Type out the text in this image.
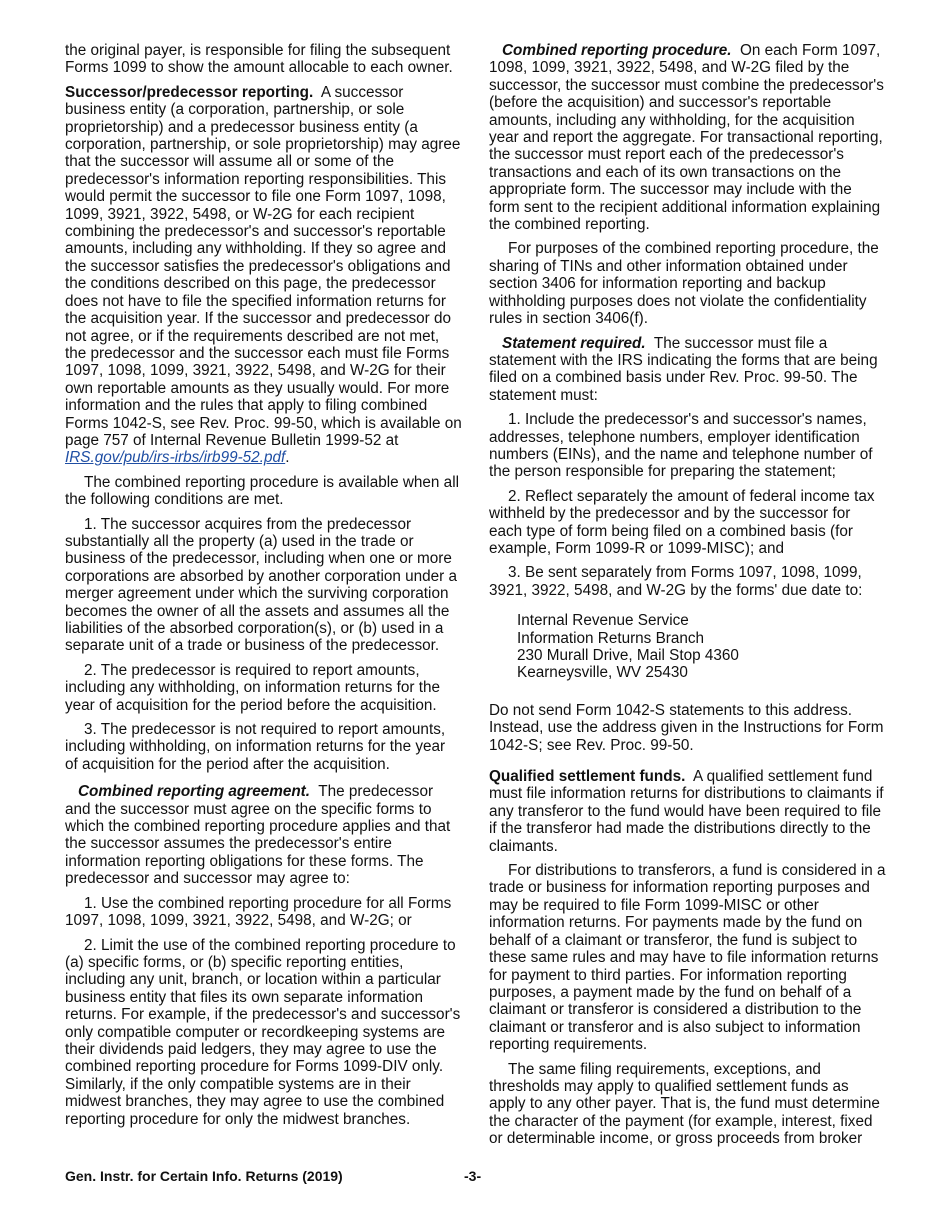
the original payer, is responsible for filing the subsequent Forms 1099 to show the amount allocable to each owner.

Successor/predecessor reporting. A successor business entity (a corporation, partnership, or sole proprietorship) and a predecessor business entity (a corporation, partnership, or sole proprietorship) may agree that the successor will assume all or some of the predecessor's information reporting responsibilities. This would permit the successor to file one Form 1097, 1098, 1099, 3921, 3922, 5498, or W-2G for each recipient combining the predecessor's and successor's reportable amounts, including any withholding. If they so agree and the successor satisfies the predecessor's obligations and the conditions described on this page, the predecessor does not have to file the specified information returns for the acquisition year. If the successor and predecessor do not agree, or if the requirements described are not met, the predecessor and the successor each must file Forms 1097, 1098, 1099, 3921, 3922, 5498, and W-2G for their own reportable amounts as they usually would. For more information and the rules that apply to filing combined Forms 1042-S, see Rev. Proc. 99-50, which is available on page 757 of Internal Revenue Bulletin 1999-52 at IRS.gov/pub/irs-irbs/irb99-52.pdf.

The combined reporting procedure is available when all the following conditions are met.

1. The successor acquires from the predecessor substantially all the property (a) used in the trade or business of the predecessor, including when one or more corporations are absorbed by another corporation under a merger agreement under which the surviving corporation becomes the owner of all the assets and assumes all the liabilities of the absorbed corporation(s), or (b) used in a separate unit of a trade or business of the predecessor.

2. The predecessor is required to report amounts, including any withholding, on information returns for the year of acquisition for the period before the acquisition.

3. The predecessor is not required to report amounts, including withholding, on information returns for the year of acquisition for the period after the acquisition.

Combined reporting agreement. The predecessor and the successor must agree on the specific forms to which the combined reporting procedure applies and that the successor assumes the predecessor's entire information reporting obligations for these forms. The predecessor and successor may agree to:

1. Use the combined reporting procedure for all Forms 1097, 1098, 1099, 3921, 3922, 5498, and W-2G; or

2. Limit the use of the combined reporting procedure to (a) specific forms, or (b) specific reporting entities, including any unit, branch, or location within a particular business entity that files its own separate information returns. For example, if the predecessor's and successor's only compatible computer or recordkeeping systems are their dividends paid ledgers, they may agree to use the combined reporting procedure for Forms 1099-DIV only. Similarly, if the only compatible systems are in their midwest branches, they may agree to use the combined reporting procedure for only the midwest branches.

Combined reporting procedure. On each Form 1097, 1098, 1099, 3921, 3922, 5498, and W-2G filed by the successor, the successor must combine the predecessor's (before the acquisition) and successor's reportable amounts, including any withholding, for the acquisition year and report the aggregate. For transactional reporting, the successor must report each of the predecessor's transactions and each of its own transactions on the appropriate form. The successor may include with the form sent to the recipient additional information explaining the combined reporting.

For purposes of the combined reporting procedure, the sharing of TINs and other information obtained under section 3406 for information reporting and backup withholding purposes does not violate the confidentiality rules in section 3406(f).

Statement required. The successor must file a statement with the IRS indicating the forms that are being filed on a combined basis under Rev. Proc. 99-50. The statement must:

1. Include the predecessor's and successor's names, addresses, telephone numbers, employer identification numbers (EINs), and the name and telephone number of the person responsible for preparing the statement;

2. Reflect separately the amount of federal income tax withheld by the predecessor and by the successor for each type of form being filed on a combined basis (for example, Form 1099-R or 1099-MISC); and

3. Be sent separately from Forms 1097, 1098, 1099, 3921, 3922, 5498, and W-2G by the forms' due date to:

Internal Revenue Service
Information Returns Branch
230 Murall Drive, Mail Stop 4360
Kearneysville, WV 25430

Do not send Form 1042-S statements to this address. Instead, use the address given in the Instructions for Form 1042-S; see Rev. Proc. 99-50.

Qualified settlement funds. A qualified settlement fund must file information returns for distributions to claimants if any transferor to the fund would have been required to file if the transferor had made the distributions directly to the claimants.

For distributions to transferors, a fund is considered in a trade or business for information reporting purposes and may be required to file Form 1099-MISC or other information returns. For payments made by the fund on behalf of a claimant or transferor, the fund is subject to these same rules and may have to file information returns for payment to third parties. For information reporting purposes, a payment made by the fund on behalf of a claimant or transferor is considered a distribution to the claimant or transferor and is also subject to information reporting requirements.

The same filing requirements, exceptions, and thresholds may apply to qualified settlement funds as apply to any other payer. That is, the fund must determine the character of the payment (for example, interest, fixed or determinable income, or gross proceeds from broker

Gen. Instr. for Certain Info. Returns (2019)	-3-
